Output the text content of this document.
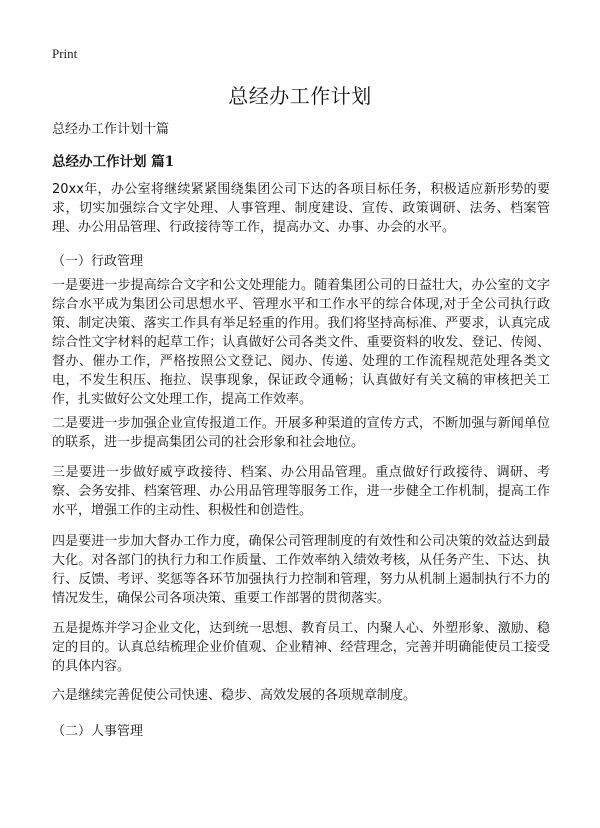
Print
总经办工作计划
总经办工作计划十篇
总经办工作计划 篇1

20xx年，办公室将继续紧紧围绕集团公司下达的各项目标任务，积极适应新形势的要求，切实加强综合文字处理、人事管理、制度建设、宣传、政策调研、法务、档案管理、办公用品管理、行政接待等工作，提高办文、办事、办会的水平。

（一）行政管理

一是要进一步提高综合文字和公文处理能力。随着集团公司的日益壮大，办公室的文字综合水平成为集团公司思想水平、管理水平和工作水平的综合体现,对于全公司执行政策、制定决策、落实工作具有举足轻重的作用。我们将坚持高标准、严要求，认真完成综合性文字材料的起草工作；认真做好公司各类文件、重要资料的收发、登记、传阅、督办、催办工作，严格按照公文登记、阅办、传递、处理的工作流程规范处理各类文电，不发生积压、拖拉、误事现象，保证政令通畅；认真做好有关文稿的审核把关工作，扎实做好公文处理工作，提高工作效率。

二是要进一步加强企业宣传报道工作。开展多种渠道的宣传方式，不断加强与新闻单位的联系，进一步提高集团公司的社会形象和社会地位。

三是要进一步做好威亨政接待、档案、办公用品管理。重点做好行政接待、调研、考察、会务安排、档案管理、办公用品管理等服务工作，进一步健全工作机制，提高工作水平，增强工作的主动性、积极性和创造性。

四是要进一步加大督办工作力度，确保公司管理制度的有效性和公司决策的效益达到最大化。对各部门的执行力和工作质量、工作效率纳入绩效考核，从任务产生、下达、执行、反馈、考评、奖惩等各环节加强执行力控制和管理，努力从机制上遏制执行不力的情况发生，确保公司各项决策、重要工作部署的贯彻落实。

五是提炼并学习企业文化，达到统一思想、教育员工、内聚人心、外塑形象、激励、稳定的目的。认真总结梳理企业价值观、企业精神、经营理念，完善并明确能使员工接受的具体内容。

六是继续完善促使公司快速、稳步、高效发展的各项规章制度。

（二）人事管理
